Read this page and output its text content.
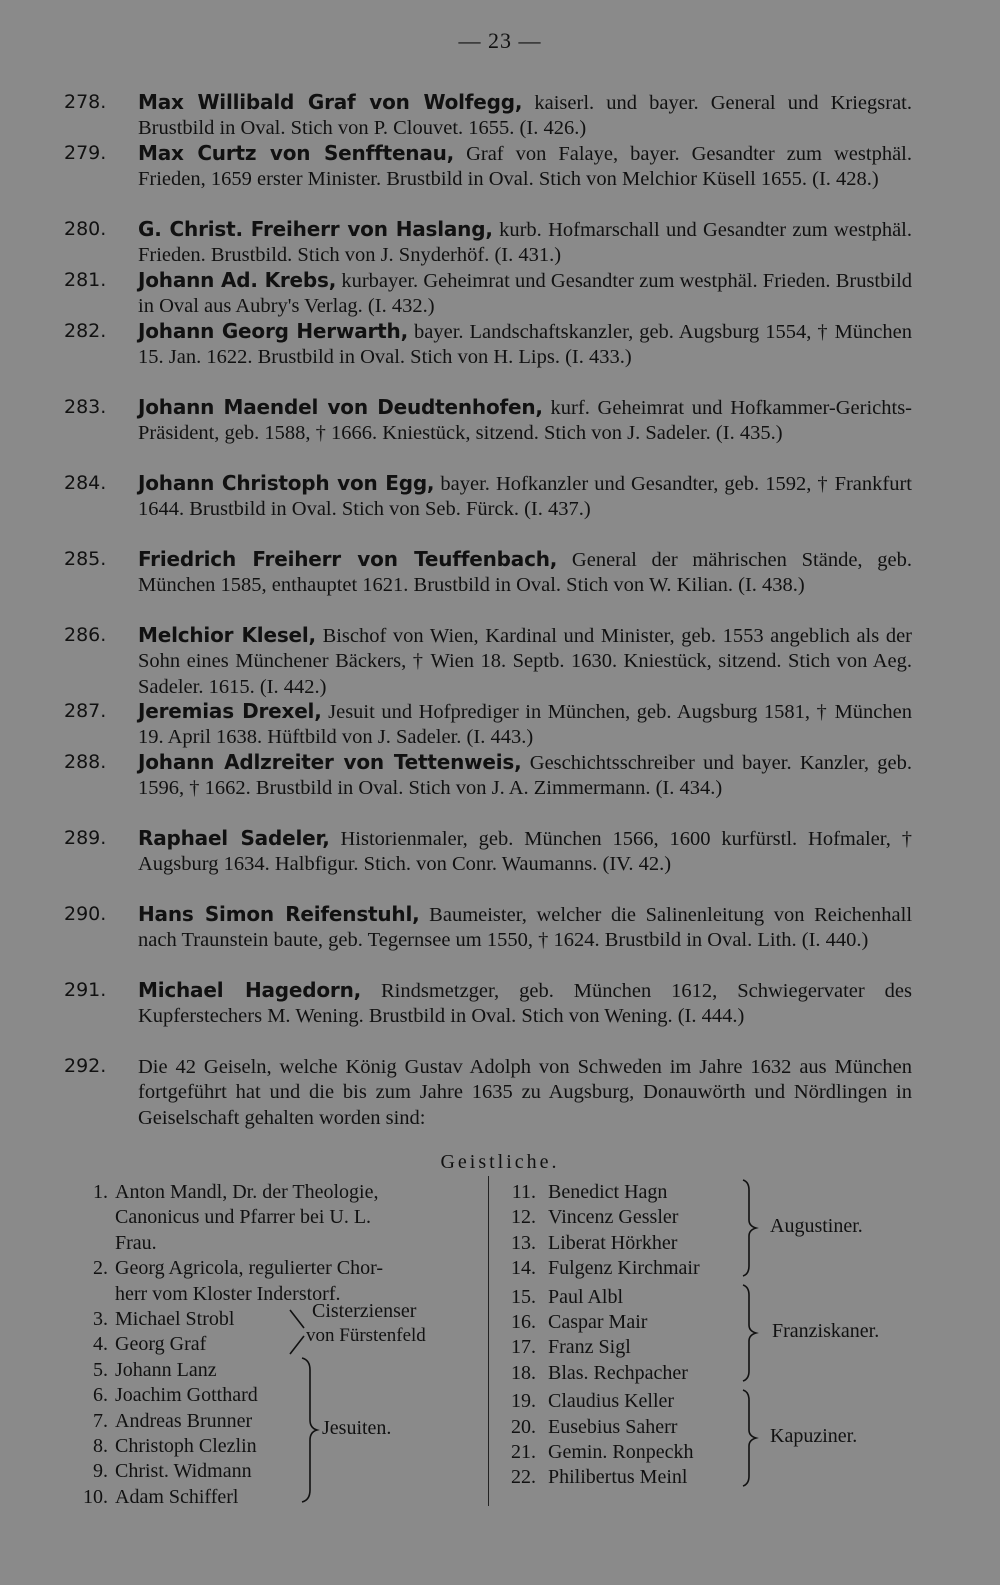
— 23 —

278.	Max Willibald Graf von Wolfegg, kaiserl. und bayer. General und Kriegsrat. Brustbild in Oval. Stich von P. Clouvet. 1655. (I. 426.)

279.	Max Curtz von Senfftenau, Graf von Falaye, bayer. Gesandter zum westphäl. Frieden, 1659 erster Minister. Brustbild in Oval. Stich von Melchior Küsell 1655. (I. 428.)

280.	G. Christ. Freiherr von Haslang, kurb. Hofmarschall und Gesandter zum westphäl. Frieden. Brustbild. Stich von J. Snyderhöf. (I. 431.)

281.	Johann Ad. Krebs, kurbayer. Geheimrat und Gesandter zum westphäl. Frieden. Brustbild in Oval aus Aubry's Verlag. (I. 432.)

282.	Johann Georg Herwarth, bayer. Landschaftskanzler, geb. Augsburg 1554, † München 15. Jan. 1622. Brustbild in Oval. Stich von H. Lips. (I. 433.)

283.	Johann Maendel von Deudtenhofen, kurf. Geheimrat und Hofkammer-Gerichts-Präsident, geb. 1588, † 1666. Kniestück, sitzend. Stich von J. Sadeler. (I. 435.)

284.	Johann Christoph von Egg, bayer. Hofkanzler und Gesandter, geb. 1592, † Frankfurt 1644. Brustbild in Oval. Stich von Seb. Fürck. (I. 437.)

285.	Friedrich Freiherr von Teuffenbach, General der mährischen Stände, geb. München 1585, enthauptet 1621. Brustbild in Oval. Stich von W. Kilian. (I. 438.)

286.	Melchior Klesel, Bischof von Wien, Kardinal und Minister, geb. 1553 angeblich als der Sohn eines Münchener Bäckers, † Wien 18. Septb. 1630. Kniestück, sitzend. Stich von Aeg. Sadeler. 1615. (I. 442.)

287.	Jeremias Drexel, Jesuit und Hofprediger in München, geb. Augsburg 1581, † München 19. April 1638. Hüftbild von J. Sadeler. (I. 443.)

288.	Johann Adlzreiter von Tettenweis, Geschichtsschreiber und bayer. Kanzler, geb. 1596, † 1662. Brustbild in Oval. Stich von J. A. Zimmermann. (I. 434.)

289.	Raphael Sadeler, Historienmaler, geb. München 1566, 1600 kurfürstl. Hofmaler, † Augsburg 1634. Halbfigur. Stich. von Conr. Waumanns. (IV. 42.)

290.	Hans Simon Reifenstuhl, Baumeister, welcher die Salinenleitung von Reichenhall nach Traunstein baute, geb. Tegernsee um 1550, † 1624. Brustbild in Oval. Lith. (I. 440.)

291.	Michael Hagedorn, Rindsmetzger, geb. München 1612, Schwiegervater des Kupferstechers M. Wening. Brustbild in Oval. Stich von Wening. (I. 444.)

292.	Die 42 Geiseln, welche König Gustav Adolph von Schweden im Jahre 1632 aus München fortgeführt hat und die bis zum Jahre 1635 zu Augsburg, Donauwörth und Nördlingen in Geiselschaft gehalten worden sind:

Geistliche.
1. Anton Mandl, Dr. der Theologie,
Canonicus und Pfarrer bei U. L.
Frau.
2. Georg Agricola, regulierter Chor-
herr vom Kloster Inderstorf.
3. Michael Strobl
4. Georg Graf
5. Johann Lanz
6. Joachim Gotthard
7. Andreas Brunner
8. Christoph Clezlin
9. Christ. Widmann
10. Adam Schifferl
Cisterzienser
von Fürstenfeld
Jesuiten.
11. Benedict Hagn
12. Vincenz Gessler
13. Liberat Hörkher
14. Fulgenz Kirchmair
15. Paul Albl
16. Caspar Mair
17. Franz Sigl
18. Blas. Rechpacher
19. Claudius Keller
20. Eusebius Saherr
21. Gemin. Ronpeckh
22. Philibertus Meinl
Augustiner.
Franziskaner.
Kapuziner.
